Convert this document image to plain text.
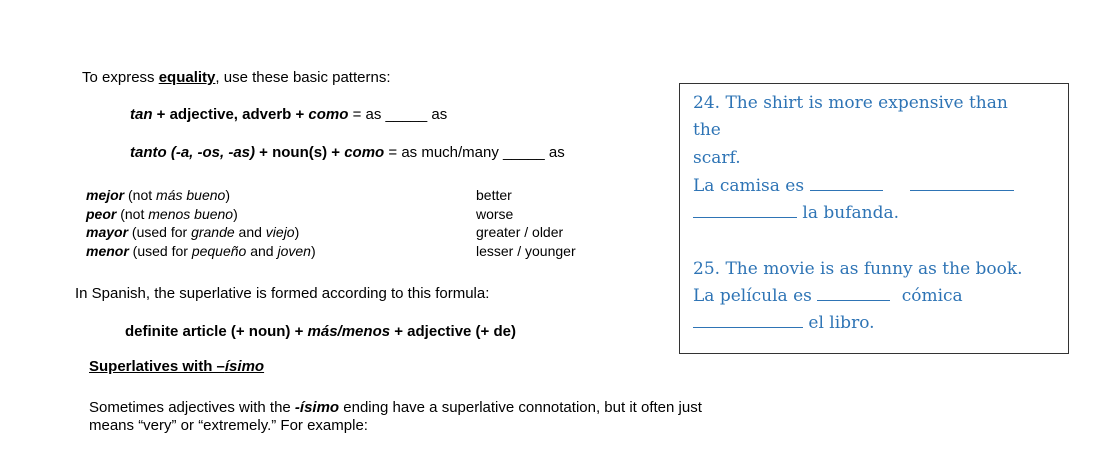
To express equality, use these basic patterns:
tan + adjective, adverb + como = as _____ as
tanto (-a, -os, -as) + noun(s) + como = as much/many _____ as
mejor (not más bueno)	better
peor (not menos bueno)	worse
mayor (used for grande and viejo)	greater / older
menor (used for pequeño and joven)	lesser / younger
In Spanish, the superlative is formed according to this formula:
definite article (+ noun) + más/menos + adjective (+ de)
Superlatives with –ísimo
Sometimes adjectives with the -ísimo ending have a superlative connotation, but it often just
means “very” or “extremely.” For example:
24. The shirt is more expensive than
the
scarf.
La camisa es
la bufanda.
25. The movie is as funny as the book.
La película es	cómica
el libro.
